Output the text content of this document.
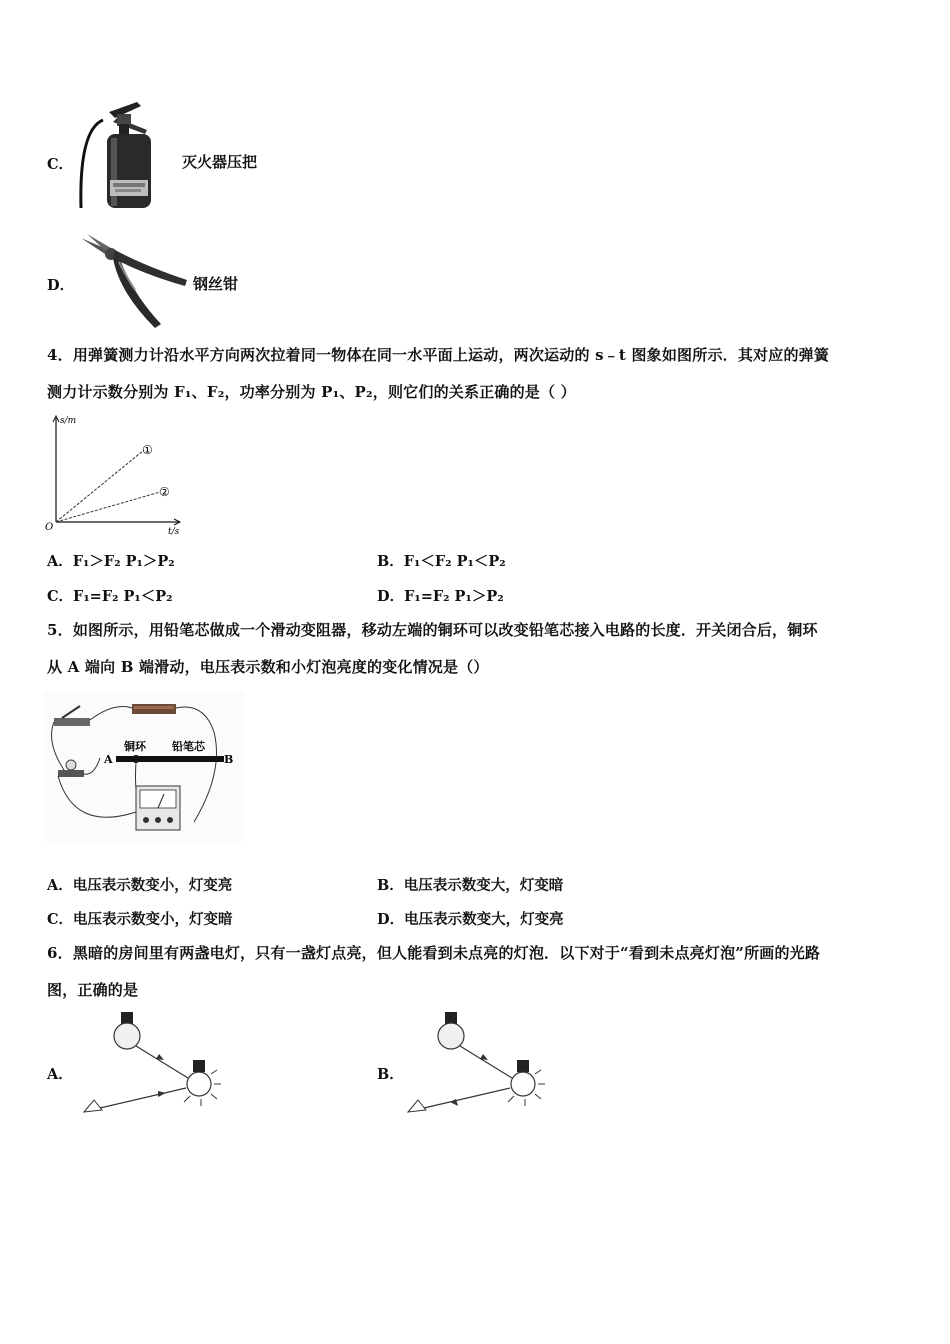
C．	灭火器压把
D．	钢丝钳
4．用弹簧测力计沿水平方向两次拉着同一物体在同一水平面上运动，两次运动的 s﹣t 图象如图所示．其对应的弹簧
测力计示数分别为 F₁、F₂，功率分别为 P₁、P₂，则它们的关系正确的是（ ）
s/m
t/s
O
①
②
A．F₁＞F₂ P₁＞P₂	B．F₁＜F₂ P₁＜P₂
C．F₁=F₂ P₁＜P₂	D．F₁=F₂ P₁＞P₂
5．如图所示，用铅笔芯做成一个滑动变阻器，移动左端的铜环可以改变铅笔芯接入电路的长度．开关闭合后，铜环
从 A 端向 B 端滑动，电压表示数和小灯泡亮度的变化情况是（）
铜环 铅笔芯
A	B
A．电压表示数变小，灯变亮	B．电压表示数变大，灯变暗
C．电压表示数变小，灯变暗	D．电压表示数变大，灯变亮
6．黑暗的房间里有两盏电灯，只有一盏灯点亮，但人能看到未点亮的灯泡．以下对于“看到未点亮灯泡”所画的光路
图，正确的是
A．	B．
